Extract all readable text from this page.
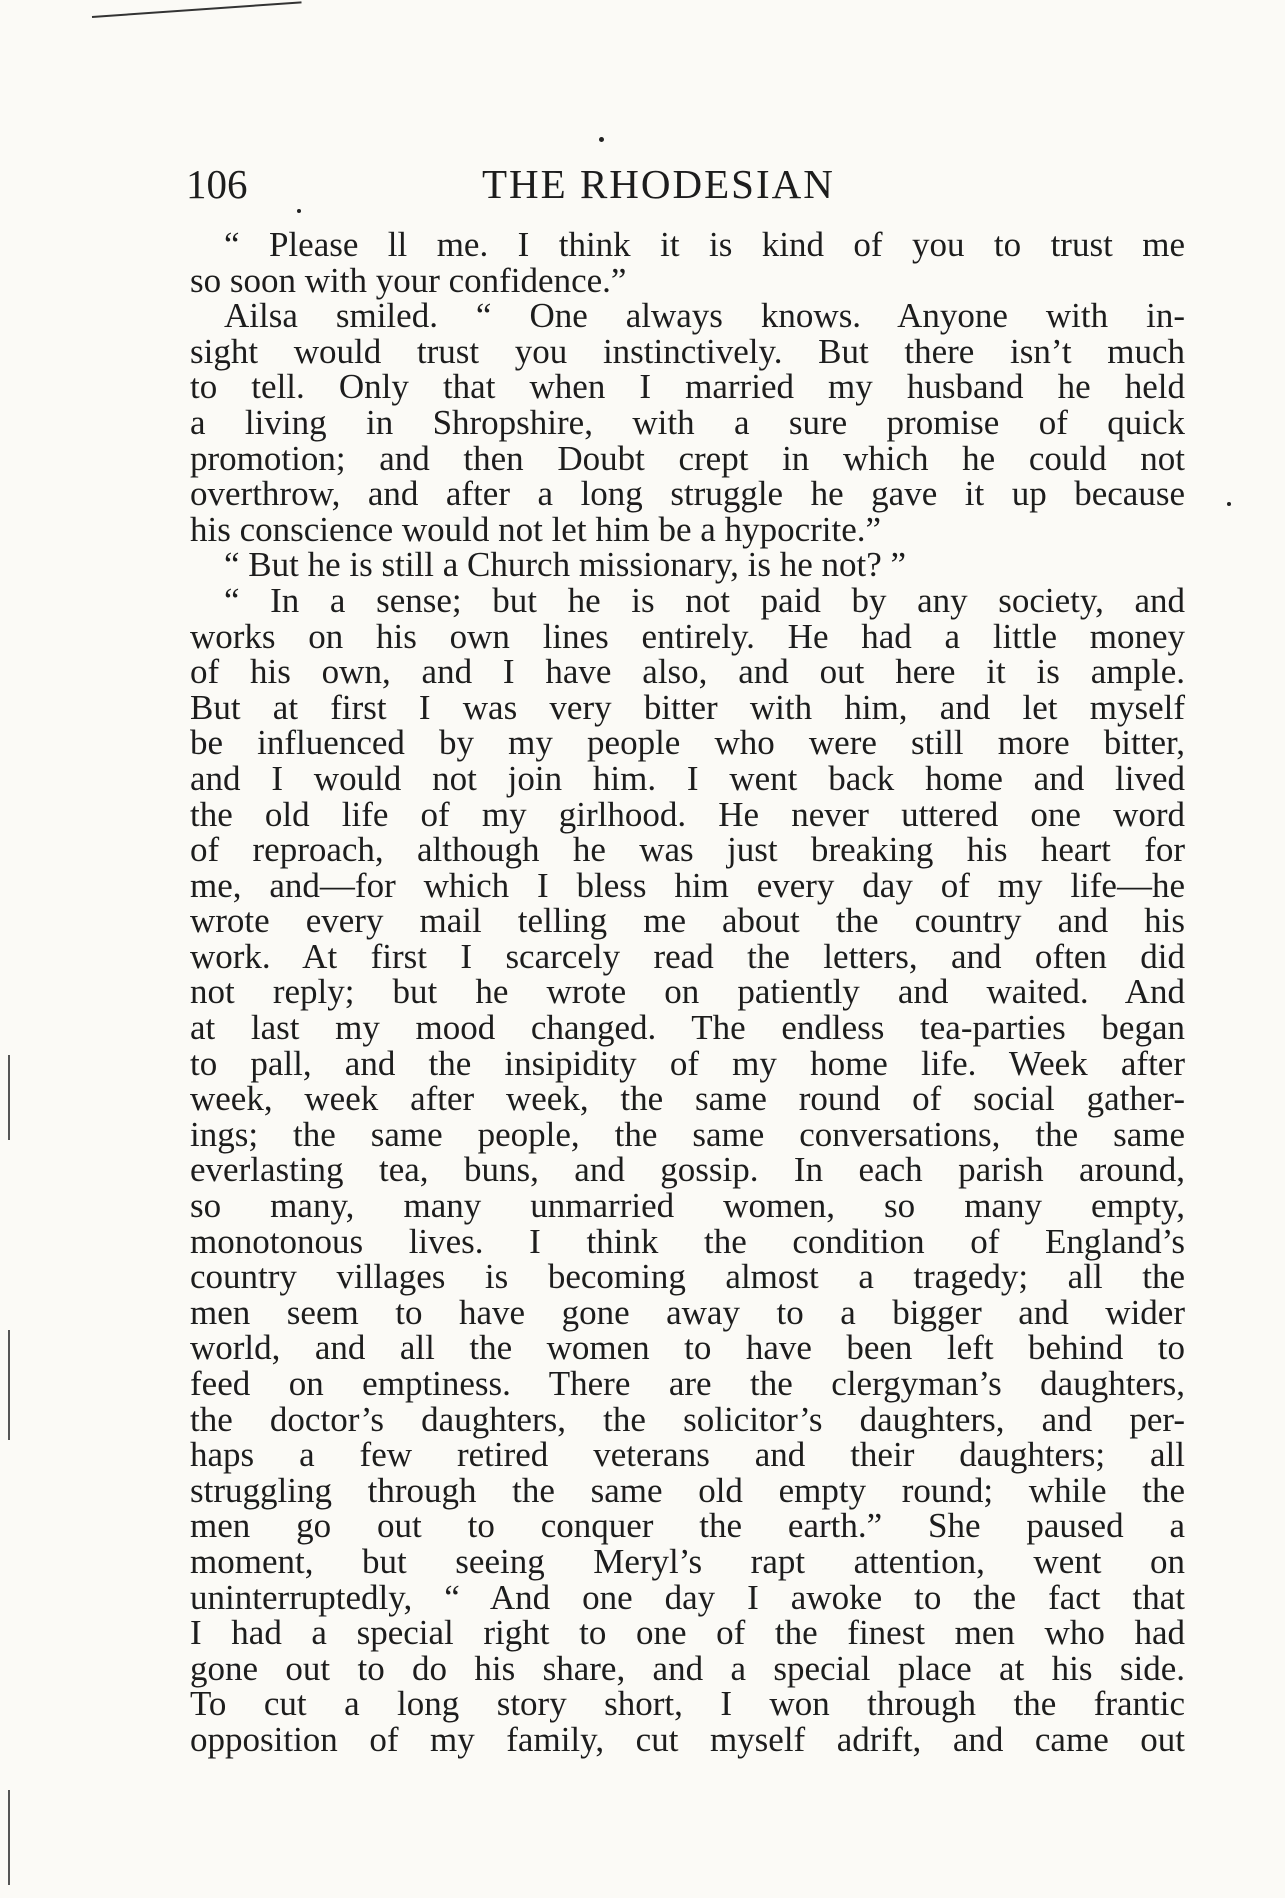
106	THE RHODESIAN
“ Please ll me. I think it is kind of you to trust me
so soon with your confidence.”
Ailsa smiled. “ One always knows. Anyone with in-
sight would trust you instinctively. But there isn’t much
to tell. Only that when I married my husband he held
a living in Shropshire, with a sure promise of quick
promotion; and then Doubt crept in which he could not
overthrow, and after a long struggle he gave it up because
his conscience would not let him be a hypocrite.”
“ But he is still a Church missionary, is he not? ”
“ In a sense; but he is not paid by any society, and
works on his own lines entirely. He had a little money
of his own, and I have also, and out here it is ample.
But at first I was very bitter with him, and let myself
be influenced by my people who were still more bitter,
and I would not join him. I went back home and lived
the old life of my girlhood. He never uttered one word
of reproach, although he was just breaking his heart for
me, and—for which I bless him every day of my life—he
wrote every mail telling me about the country and his
work. At first I scarcely read the letters, and often did
not reply; but he wrote on patiently and waited. And
at last my mood changed. The endless tea-parties began
to pall, and the insipidity of my home life. Week after
week, week after week, the same round of social gather-
ings; the same people, the same conversations, the same
everlasting tea, buns, and gossip. In each parish around,
so many, many unmarried women, so many empty,
monotonous lives. I think the condition of England’s
country villages is becoming almost a tragedy; all the
men seem to have gone away to a bigger and wider
world, and all the women to have been left behind to
feed on emptiness. There are the clergyman’s daughters,
the doctor’s daughters, the solicitor’s daughters, and per-
haps a few retired veterans and their daughters; all
struggling through the same old empty round; while the
men go out to conquer the earth.” She paused a
moment, but seeing Meryl’s rapt attention, went on
uninterruptedly, “ And one day I awoke to the fact that
I had a special right to one of the finest men who had
gone out to do his share, and a special place at his side.
To cut a long story short, I won through the frantic
opposition of my family, cut myself adrift, and came out
